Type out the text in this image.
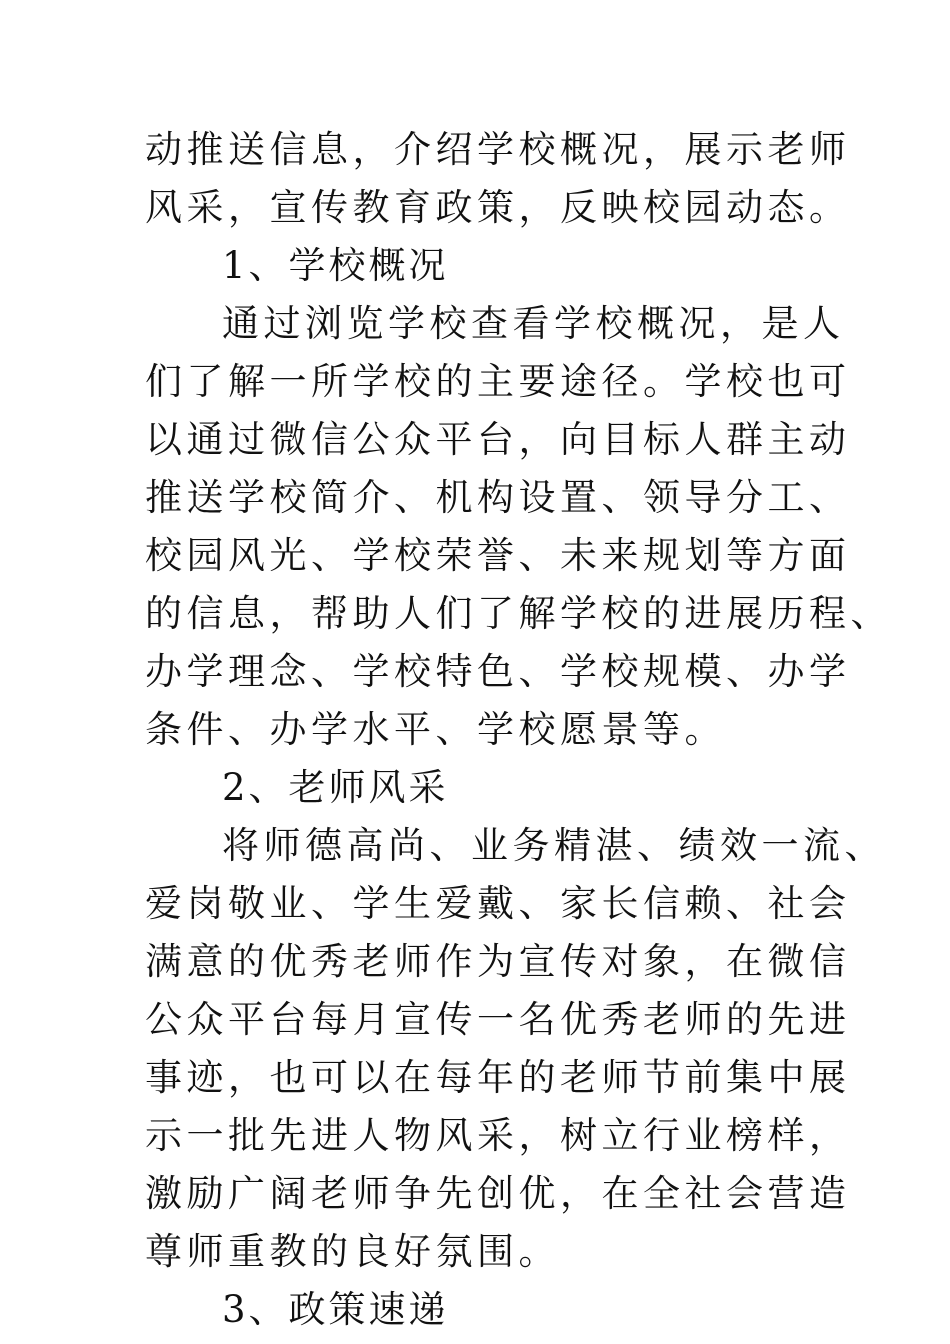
动推送信息，介绍学校概况，展示老师
风采，宣传教育政策，反映校园动态。
1、学校概况
通过浏览学校查看学校概况，是人
们了解一所学校的主要途径。学校也可
以通过微信公众平台，向目标人群主动
推送学校简介、机构设置、领导分工、
校园风光、学校荣誉、未来规划等方面
的信息，帮助人们了解学校的进展历程、
办学理念、学校特色、学校规模、办学
条件、办学水平、学校愿景等。
2、老师风采
将师德高尚、业务精湛、绩效一流、
爱岗敬业、学生爱戴、家长信赖、社会
满意的优秀老师作为宣传对象，在微信
公众平台每月宣传一名优秀老师的先进
事迹，也可以在每年的老师节前集中展
示一批先进人物风采，树立行业榜样，
激励广阔老师争先创优，在全社会营造
尊师重教的良好氛围。
3、政策速递
